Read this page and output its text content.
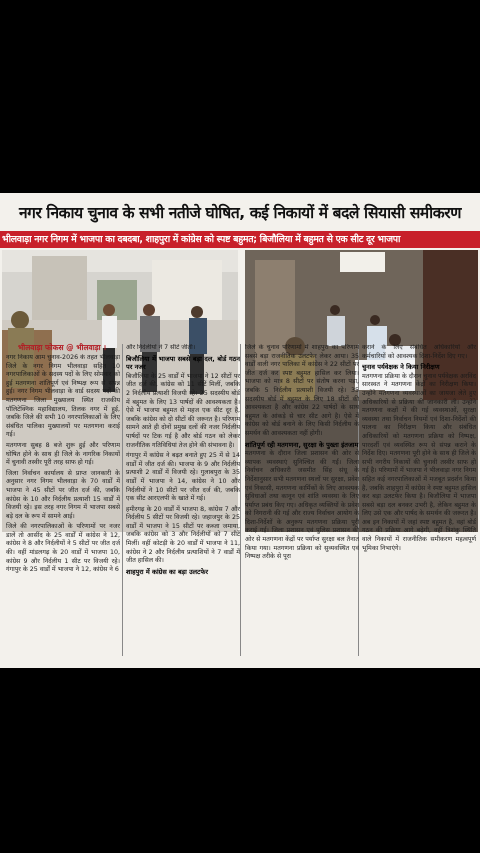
नगर निकाय चुनाव के सभी नतीजे घोषित, कई निकायों में बदले सियासी समीकरण
भीलवाड़ा नगर निगम में भाजपा का दबदबा, शाहपुरा में कांग्रेस को स्पष्ट बहुमत; बिजौलिया में बहुमत से एक सीट दूर भाजपा
भीलवाड़ा फोकस @ भीलवाड़ा ।

नगर निकाय आम चुनाव-2026 के तहत भीलवाड़ा जिले के नगर निगम भीलवाड़ा सहित 10 नगरपालिकाओं के सदस्य पदों के लिए सोमवार को हुई मतगणना शांतिपूर्ण एवं निष्पक्ष रूप से संपन्न हुई। नगर निगम भीलवाड़ा के वार्ड सदस्य पदों की मतगणना जिला मुख्यालय स्थित राजकीय पॉलिटेक्निक महाविद्यालय, तिलक नगर में हुई, जबकि जिले की सभी 10 नगरपालिकाओं के लिए संबंधित पालिका मुख्यालयों पर मतगणना कराई गई।

मतगणना सुबह 8 बजे शुरू हुई और परिणाम घोषित होने के साथ ही जिले के नागरिक निकायों में चुनावी तस्वीर पूरी तरह साफ हो गई।

जिला निर्वाचन कार्यालय से प्राप्त जानकारी के अनुसार नगर निगम भीलवाड़ा के 70 वार्डों में भाजपा ने 45 सीटों पर जीत दर्ज की, जबकि कांग्रेस के 10 और निर्दलीय प्रत्याशी 15 वार्डों में विजयी रहे। इस तरह नगर निगम में भाजपा सबसे बड़े दल के रूप में सामने आई।

जिले की नगरपालिकाओं के परिणामों पर नजर डालें तो आसींद के 25 वार्डों में कांग्रेस ने 12, कांग्रेस ने 8 और निर्दलीयों ने 5 सीटों पर जीत दर्ज की। वहीं मांडलगढ़ के 20 वार्डों में भाजपा 10, कांग्रेस 9 और निर्दलीय 1 सीट पर विजयी रहे। गंगापुर के 25 वार्डों में भाजपा ने 12, कांग्रेस ने 6

और निर्दलीयों ने 7 सीटें जीतीं।

बिजौलिया में भाजपा सबसे बड़ा दल, बोर्ड गठन पर नजर

बिजौलिया के 25 वार्डों में भाजपा ने 12 सीटों पर जीत दर्ज की, कांग्रेस को 11 सीटें मिलीं, जबकि 2 निर्दलीय प्रत्याशी विजयी रहे। 25 सदस्यीय बोर्ड में बहुमत के लिए 13 पार्षदों की आवश्यकता है। ऐसे में भाजपा बहुमत से महज एक सीट दूर है, जबकि कांग्रेस को दो सीटों की जरूरत है। परिणाम सामने आते ही दोनों प्रमुख दलों की नजर निर्दलीय पार्षदों पर टिक गई है और बोर्ड गठन को लेकर राजनीतिक गतिविधियां तेज होने की संभावना है।

गंगापुर में कांग्रेस ने बढ़त बनाते हुए 25 में से 14 वार्डों में जीत दर्ज की। भाजपा के 9 और निर्दलीय प्रत्याशी 2 वार्डों में विजयी रहे। गुलाबपुरा के 35 वार्डों में भाजपा ने 14, कांग्रेस ने 10 और निर्दलीयों ने 10 सीटों पर जीत दर्ज की, जबकि एक सीट आरएलपी के खाते में गई।

हमीरगढ़ के 20 वार्डों में भाजपा 8, कांग्रेस 7 और निर्दलीय 5 सीटों पर विजयी रहे। जहाजपुर के 25 वार्डों में भाजपा ने 15 सीटों पर कब्जा जमाया, जबकि कांग्रेस को 3 और निर्दलीयों को 7 सीटें मिलीं। वहीं कोटड़ी के 20 वार्डों में भाजपा ने 11, कांग्रेस ने 2 और निर्दलीय प्रत्याशियों ने 7 वार्डों में जीत हासिल की।

शाहपुरा में कांग्रेस का बड़ा उलटफेर

जिले के चुनाव परिणामों में शाहपुरा का परिणाम सबसे बड़ा राजनीतिक उलटफेर लेकर आया। 35 वार्डों वाली नगर पालिका में कांग्रेस ने 22 सीटों पर जीत दर्ज कर स्पष्ट बहुमत हासिल कर लिया। भाजपा को मात्र 8 सीटों पर संतोष करना पड़ा, जबकि 5 निर्दलीय प्रत्याशी विजयी रहे। 35 सदस्यीय बोर्ड में बहुमत के लिए 18 सीटों की आवश्यकता है और कांग्रेस 22 पार्षदों के साथ बहुमत के आंकड़े से चार सीट आगे है। ऐसे में कांग्रेस को बोर्ड बनाने के लिए किसी निर्दलीय के समर्थन की आवश्यकता नहीं होगी।

शांतिपूर्ण रही मतगणना, सुरक्षा के पुख्ता इंतजाम

मतगणना के दौरान जिला प्रशासन की ओर से व्यापक व्यवस्थाएं सुनिश्चित की गईं। जिला निर्वाचन अधिकारी जसमीत सिंह संधू के निर्देशानुसार सभी मतगणना स्थलों पर सुरक्षा, प्रवेश एवं निकासी, मतगणना कार्मिकों के लिए आवश्यक सुविधाओं तथा कानून एवं शांति व्यवस्था के लिए पर्याप्त प्रबंध किए गए। अधिकृत व्यक्तियों के प्रवेश को निगरानी की गई और राज्य निर्वाचन आयोग के दिशा-निर्देशों के अनुरूप मतगणना प्रक्रिया पूरी कराई गई। जिला प्रशासन एवं पुलिस प्रशासन की ओर से मतगणना केंद्रों पर पर्याप्त सुरक्षा बल तैनात किया गया। मतगणना प्रक्रिया को सुव्यवस्थित एवं निष्पक्ष तरीके से पूरा

कराने के लिए संबंधित अधिकारियों और कर्मचारियों को आवश्यक दिशा-निर्देश दिए गए।

चुनाव पर्यवेक्षक ने किया निरीक्षण

मतगणना प्रक्रिया के दौरान चुनाव पर्यवेक्षक अरविंद सारस्वत ने मतगणना केंद्रों का निरीक्षण किया। उन्होंने मतगणना व्यवस्थाओं का जायजा लेते हुए अधिकारियों से प्रक्रिया की जानकारी ली। उन्होंने मतगणना कक्षों में की गई व्यवस्थाओं, सुरक्षा व्यवस्था तथा निर्वाचन नियमों एवं दिशा-निर्देशों की पालना का निरीक्षण किया और संबंधित अधिकारियों को मतगणना प्रक्रिया को निष्पक्ष, पारदर्शी एवं व्यवस्थित रूप से संपन्न कराने के निर्देश दिए। मतगणना पूरी होने के साथ ही जिले के सभी नगरीय निकायों की चुनावी तस्वीर साफ हो गई है। परिणामों में भाजपा ने भीलवाड़ा नगर निगम सहित कई नगरपालिकाओं में मजबूत प्रदर्शन किया है, जबकि शाहपुरा में कांग्रेस ने स्पष्ट बहुमत हासिल कर बड़ा उलटफेर किया है। बिजौलिया में भाजपा सबसे बड़ा दल बनकर उभरी है, लेकिन बहुमत के लिए उसे एक और पार्षद के समर्थन की जरूरत है। अब इन निकायों में जहां स्पष्ट बहुमत है, वहां बोर्ड गठन की प्रक्रिया आगे बढ़ेगी, वहीं त्रिशंकु स्थिति वाले निकायों में राजनीतिक समीकरण महत्वपूर्ण भूमिका निभाएंगे।
